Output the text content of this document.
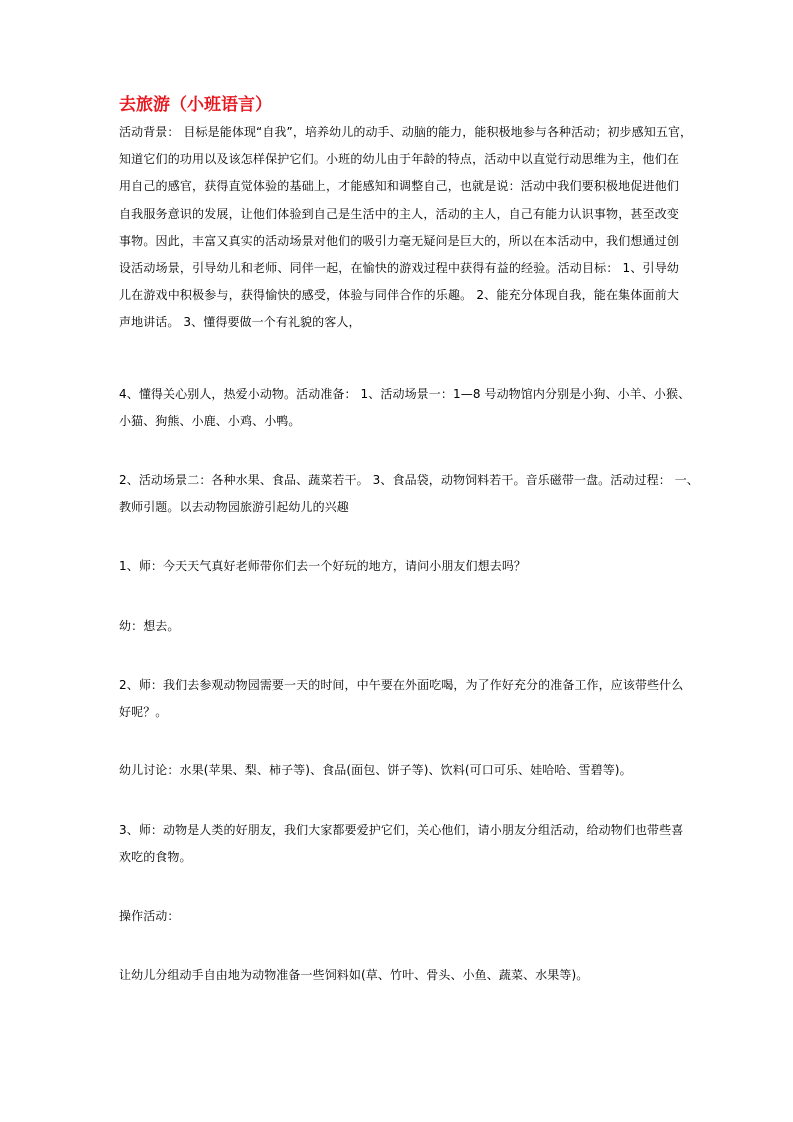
去旅游（小班语言）

活动背景： 目标是能体现“自我”，培养幼儿的动手、动脑的能力，能积极地参与各种活动；初步感知五官，
知道它们的功用以及该怎样保护它们。小班的幼儿由于年龄的特点，活动中以直觉行动思维为主，他们在
用自己的感官，获得直觉体验的基础上，才能感知和调整自己，也就是说：活动中我们要积极地促进他们
自我服务意识的发展，让他们体验到自己是生活中的主人，活动的主人，自己有能力认识事物，甚至改变
事物。因此，丰富又真实的活动场景对他们的吸引力毫无疑问是巨大的，所以在本活动中，我们想通过创
设活动场景，引导幼儿和老师、同伴一起，在愉快的游戏过程中获得有益的经验。活动目标： 1、引导幼
儿在游戏中积极参与，获得愉快的感受，体验与同伴合作的乐趣。 2、能充分体现自我，能在集体面前大
声地讲话。 3、懂得要做一个有礼貌的客人，

4、懂得关心别人，热爱小动物。活动准备： 1、活动场景一：1—8 号动物馆内分别是小狗、小羊、小猴、
小猫、狗熊、小鹿、小鸡、小鸭。

2、活动场景二：各种水果、食品、蔬菜若干。 3、食品袋，动物饲料若干。音乐磁带一盘。活动过程： 一、
教师引题。以去动物园旅游引起幼儿的兴趣

1、师：今天天气真好老师带你们去一个好玩的地方，请问小朋友们想去吗？

幼：想去。

2、师：我们去参观动物园需要一天的时间，中午要在外面吃喝，为了作好充分的准备工作，应该带些什么
好呢？。

幼儿讨论：水果(苹果、梨、柿子等)、食品(面包、饼子等)、饮料(可口可乐、娃哈哈、雪碧等)。

3、师：动物是人类的好朋友，我们大家都要爱护它们，关心他们，请小朋友分组活动，给动物们也带些喜
欢吃的食物。

操作活动：

让幼儿分组动手自由地为动物准备一些饲料如(草、竹叶、骨头、小鱼、蔬菜、水果等)。
